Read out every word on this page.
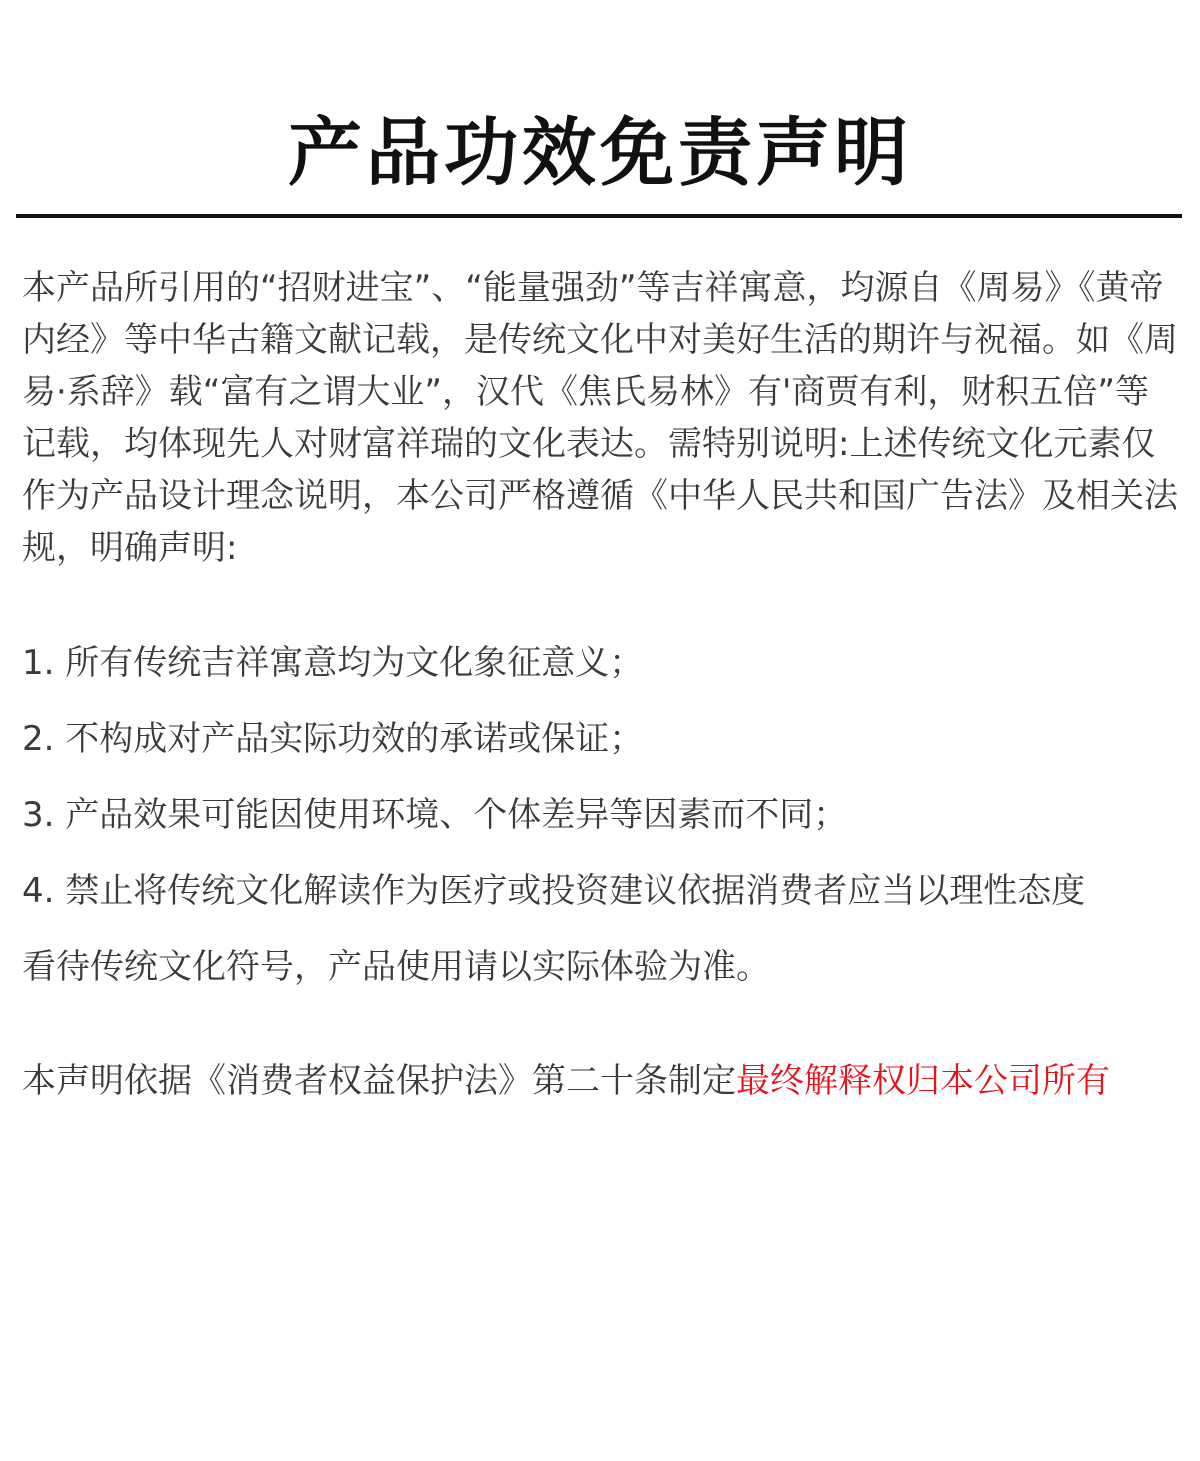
产品功效免责声明

本产品所引用的“招财进宝”、“能量强劲”等吉祥寓意，均源自《周易》《黄帝内经》等中华古籍文献记载，是传统文化中对美好生活的期许与祝福。如《周易·系辞》载“富有之谓大业”，汉代《焦氏易林》有'商贾有利，财积五倍”等记载，均体现先人对财富祥瑞的文化表达。需特别说明:上述传统文化元素仅作为产品设计理念说明，本公司严格遵循《中华人民共和国广告法》及相关法规，明确声明:

1. 所有传统吉祥寓意均为文化象征意义；
2. 不构成对产品实际功效的承诺或保证；
3. 产品效果可能因使用环境、个体差异等因素而不同；
4. 禁止将传统文化解读作为医疗或投资建议依据消费者应当以理性态度
看待传统文化符号，产品使用请以实际体验为准。

本声明依据《消费者权益保护法》第二十条制定最终解释权归本公司所有
